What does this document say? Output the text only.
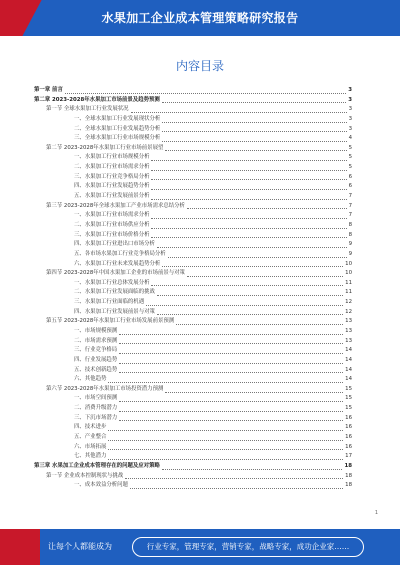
水果加工企业成本管理策略研究报告
内容目录
第一章 前言	3
第二章 2023-2028年水果加工市场前景及趋势预测	3
第一节 全球水果加工行业发展状况	3
一、全球水果加工行业发展现状分析	3
二、全球水果加工行业发展趋势分析	3
三、全球水果加工行业市场规模分析	4
第二节 2023-2028年水果加工行业市场前景展望	5
一、水果加工行业市场规模分析	5
二、水果加工行业市场需求分析	5
三、水果加工行业竞争格局分析	6
四、水果加工行业发展趋势分析	6
五、水果加工行业发展前景分析	7
第三节 2023-2028年全球水果加工产业市场需求总结分析	7
一、水果加工行业市场需求分析	7
二、水果加工行业市场供应分析	8
三、水果加工行业市场价格分析	8
四、水果加工行业进出口市场分析	9
五、各市场水果加工行业竞争格局分析	9
六、水果加工行业未来发展趋势分析	10
第四节 2023-2028年中国水果加工企业的市场前景与对策	10
一、水果加工行业总体发展分析	11
二、水果加工行业发展面临的挑战	11
三、水果加工行业面临的机遇	12
四、水果加工行业发展前景与对策	12
第五节 2023-2028年水果加工行业市场发展前景预测	13
一、市场规模预测	13
二、市场需求预测	13
三、行业竞争格局	14
四、行业发展趋势	14
五、技术创新趋势	14
六、其他趋势	14
第六节 2023-2028年水果加工市场投资潜力预测	15
一、市场空间预测	15
二、消费升级潜力	15
三、下沉市场潜力	16
四、技术进步	16
五、产业整合	16
六、市场拓展	16
七、其他潜力	17
第三章 水果加工企业成本管理存在的问题及应对策略	18
第一节 企业成本控制现状与挑战	18
一、成本效益分析问题	18
1
让每个人都能成为	行业专家，管理专家，营销专家，战略专家，成功企业家……
